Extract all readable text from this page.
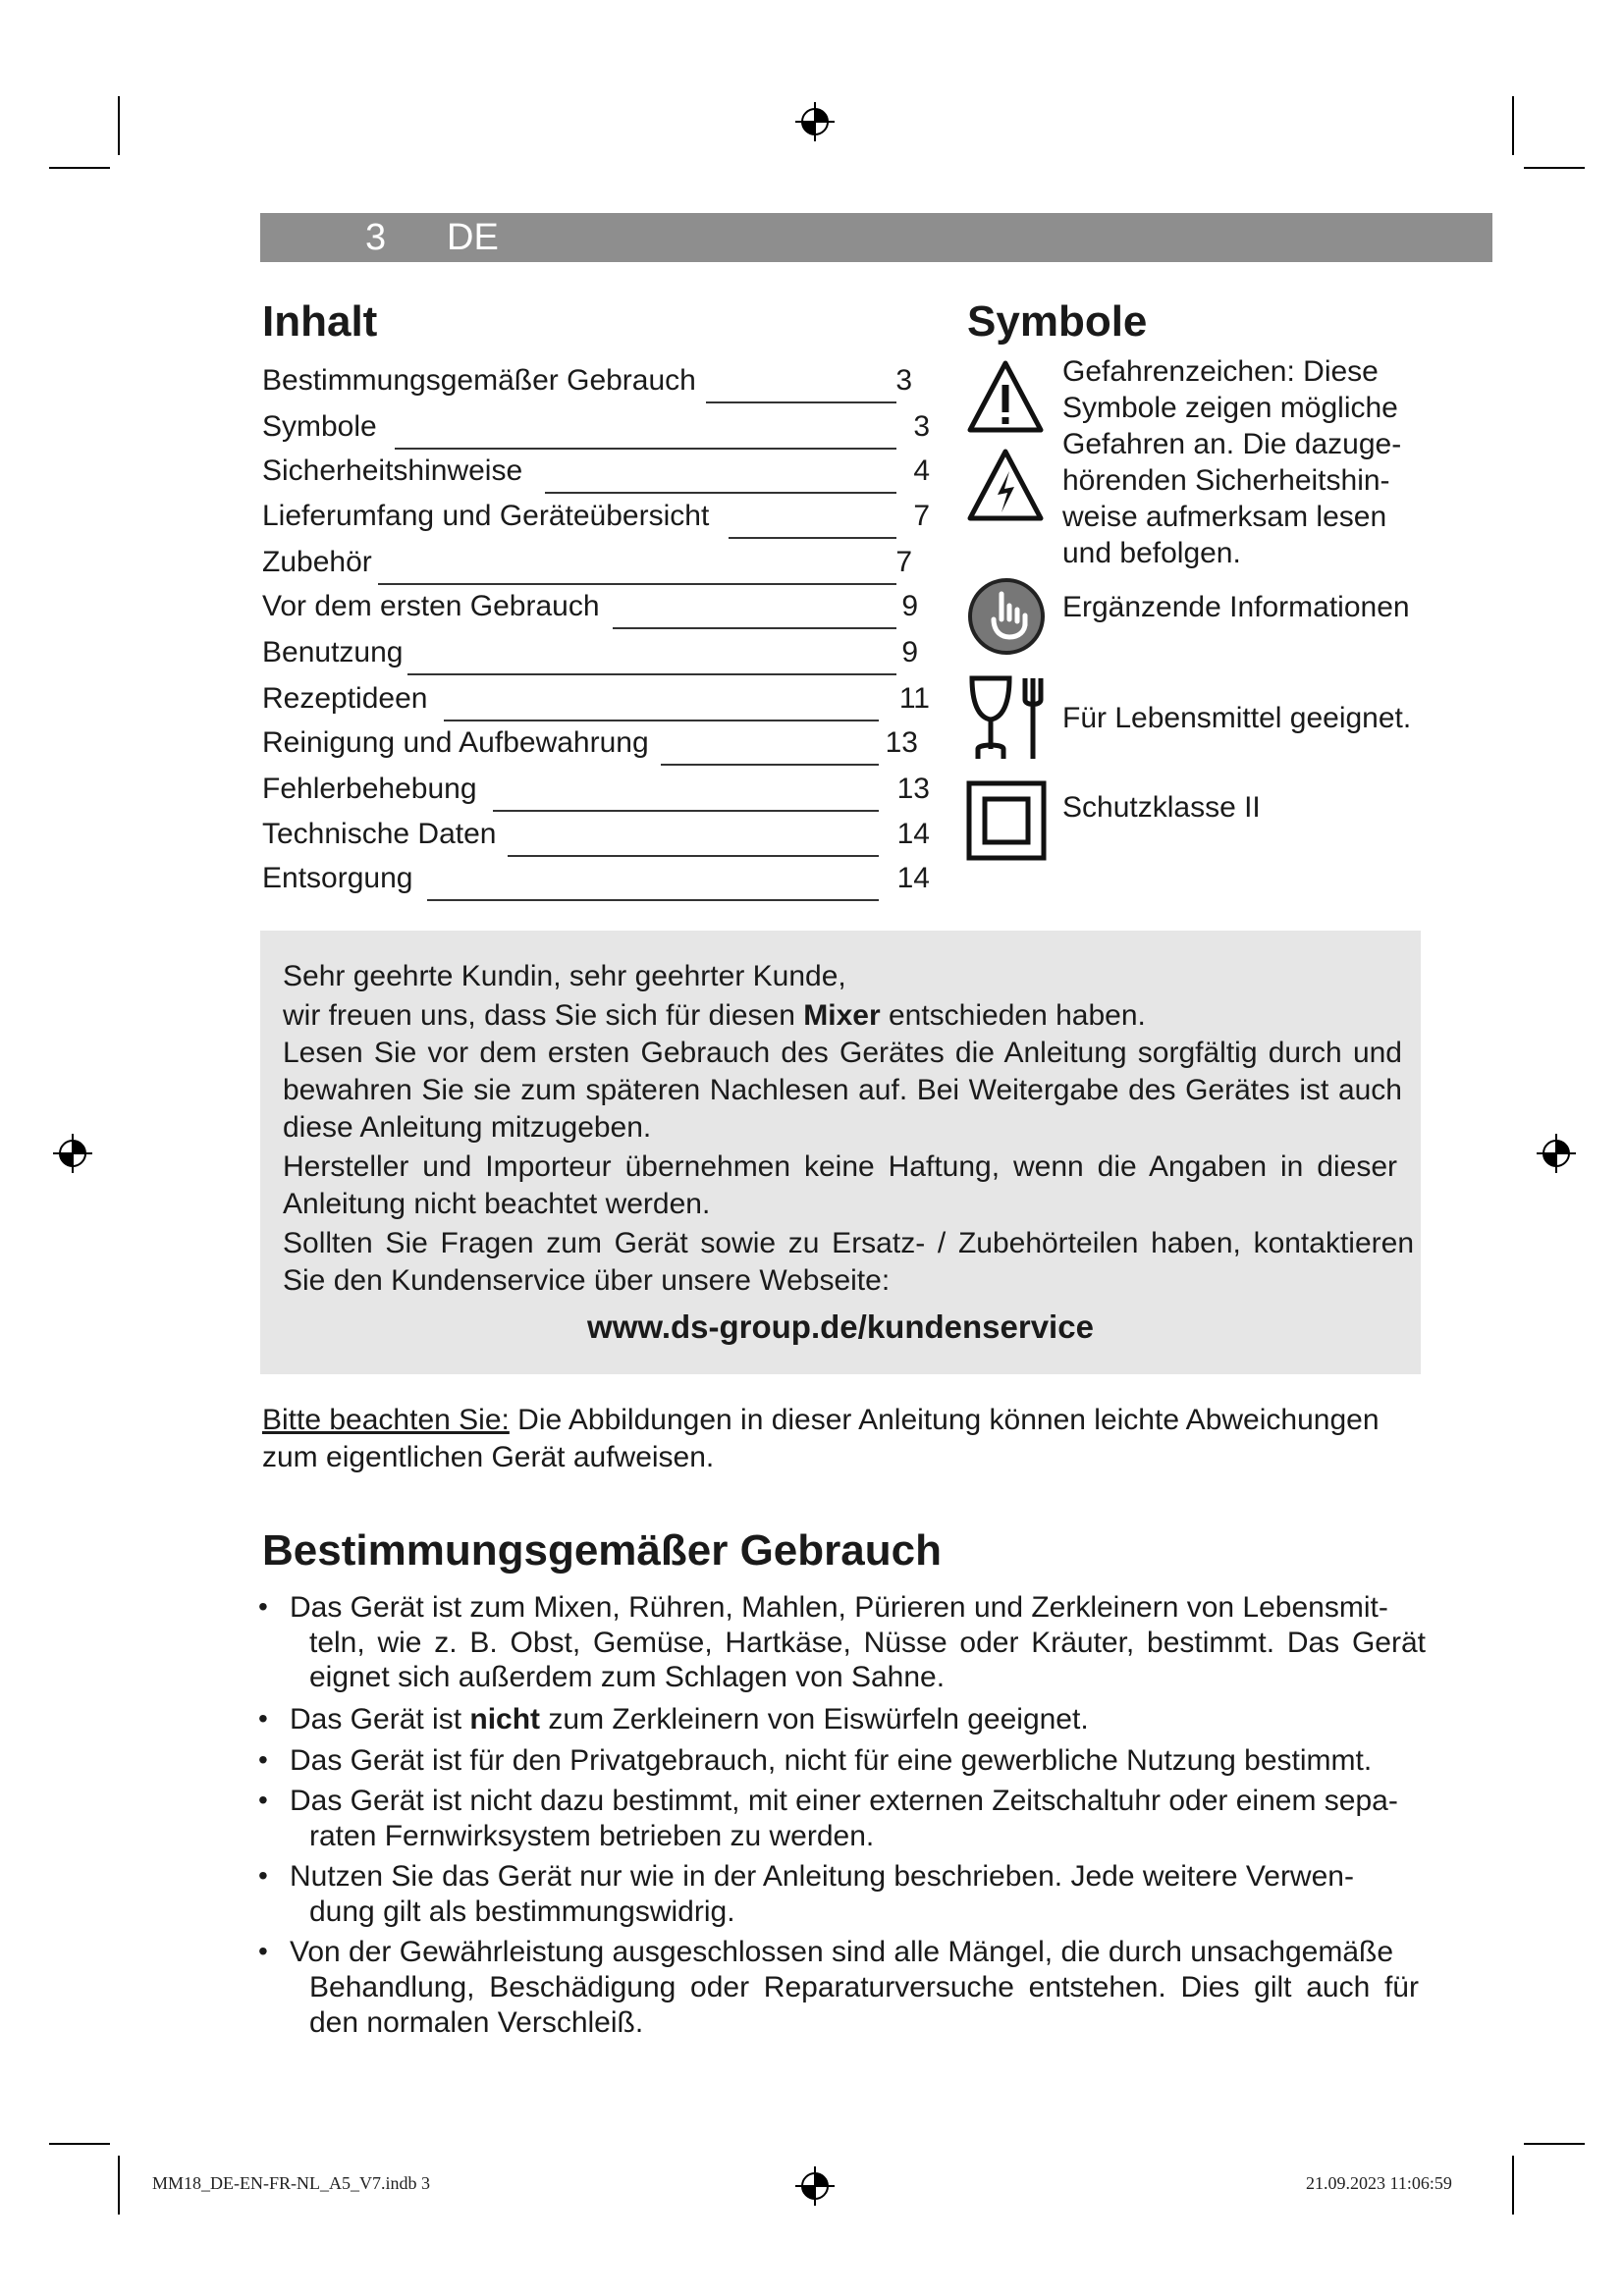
3 DE
Inhalt
Bestimmungsgemäßer Gebrauch	3
Symbole	3
Sicherheitshinweise	4
Lieferumfang und Geräteübersicht	7
Zubehör	7
Vor dem ersten Gebrauch	9
Benutzung	9
Rezeptideen	11
Reinigung und Aufbewahrung	13
Fehlerbehebung	13
Technische Daten	14
Entsorgung	14
Symbole
Gefahrenzeichen: Diese
Symbole zeigen mögliche
Gefahren an. Die dazuge-
hörenden Sicherheitshin-
weise aufmerksam lesen
und befolgen.
Ergänzende Informationen
Für Lebensmittel geeignet.
Schutzklasse II
Sehr geehrte Kundin, sehr geehrter Kunde,
wir freuen uns, dass Sie sich für diesen Mixer entschieden haben.
Lesen Sie vor dem ersten Gebrauch des Gerätes die Anleitung sorgfältig durch und
bewahren Sie sie zum späteren Nachlesen auf. Bei Weitergabe des Gerätes ist auch
diese Anleitung mitzugeben.
Hersteller und Importeur übernehmen keine Haftung, wenn die Angaben in dieser
Anleitung nicht beachtet werden.
Sollten Sie Fragen zum Gerät sowie zu Ersatz- / Zubehörteilen haben, kontaktieren
Sie den Kundenservice über unsere Webseite:
www.ds-group.de/kundenservice
Bitte beachten Sie: Die Abbildungen in dieser Anleitung können leichte Abweichungen
zum eigentlichen Gerät aufweisen.
Bestimmungsgemäßer Gebrauch
• Das Gerät ist zum Mixen, Rühren, Mahlen, Pürieren und Zerkleinern von Lebensmit-
teln, wie z. B. Obst, Gemüse, Hartkäse, Nüsse oder Kräuter, bestimmt. Das Gerät
eignet sich außerdem zum Schlagen von Sahne.
• Das Gerät ist nicht zum Zerkleinern von Eiswürfeln geeignet.
• Das Gerät ist für den Privatgebrauch, nicht für eine gewerbliche Nutzung bestimmt.
• Das Gerät ist nicht dazu bestimmt, mit einer externen Zeitschaltuhr oder einem sepa-
raten Fernwirksystem betrieben zu werden.
• Nutzen Sie das Gerät nur wie in der Anleitung beschrieben. Jede weitere Verwen-
dung gilt als bestimmungswidrig.
• Von der Gewährleistung ausgeschlossen sind alle Mängel, die durch unsachgemäße
Behandlung, Beschädigung oder Reparaturversuche entstehen. Dies gilt auch für
den normalen Verschleiß.
MM18_DE-EN-FR-NL_A5_V7.indb 3	21.09.2023 11:06:59
